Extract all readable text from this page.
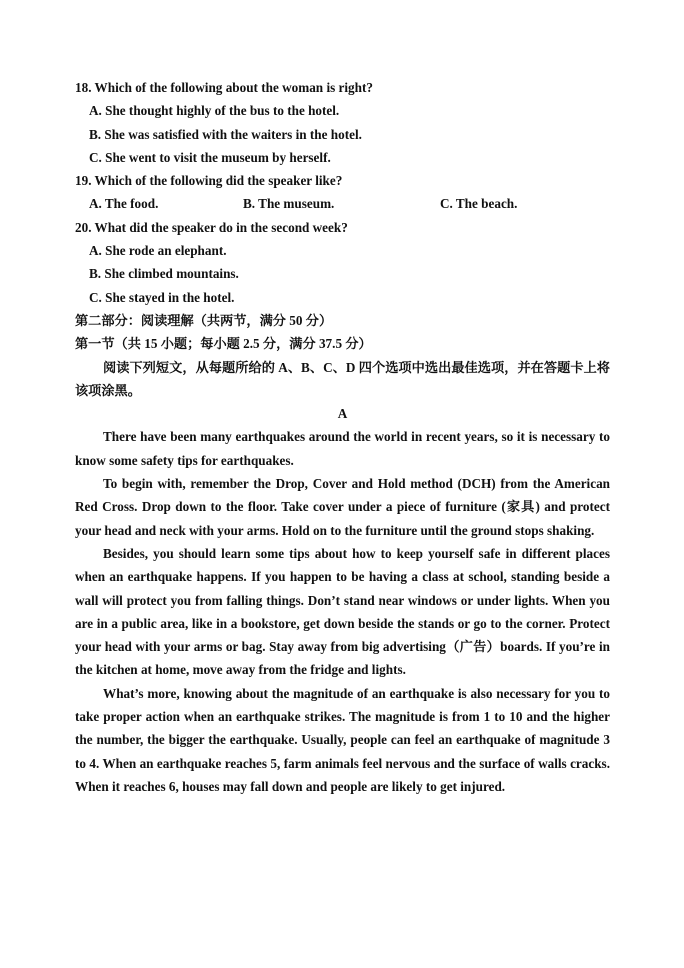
18. Which of the following about the woman is right?
A. She thought highly of the bus to the hotel.
B. She was satisfied with the waiters in the hotel.
C. She went to visit the museum by herself.
19. Which of the following did the speaker like?
A. The food.	B. The museum.	C. The beach.
20. What did the speaker do in the second week?
A. She rode an elephant.
B. She climbed mountains.
C. She stayed in the hotel.
第二部分：阅读理解（共两节，满分 50 分）
第一节（共 15 小题；每小题 2.5 分，满分 37.5 分）
阅读下列短文，从每题所给的 A、B、C、D 四个选项中选出最佳选项，并在答题卡上将该项涂黑。
A

There have been many earthquakes around the world in recent years, so it is necessary to know some safety tips for earthquakes.

To begin with, remember the Drop, Cover and Hold method (DCH) from the American Red Cross. Drop down to the floor. Take cover under a piece of furniture (家具) and protect your head and neck with your arms. Hold on to the furniture until the ground stops shaking.

Besides, you should learn some tips about how to keep yourself safe in different places when an earthquake happens. If you happen to be having a class at school, standing beside a wall will protect you from falling things. Don’t stand near windows or under lights. When you are in a public area, like in a bookstore, get down beside the stands or go to the corner. Protect your head with your arms or bag. Stay away from big advertising（广告）boards. If you’re in the kitchen at home, move away from the fridge and lights.

What’s more, knowing about the magnitude of an earthquake is also necessary for you to take proper action when an earthquake strikes. The magnitude is from 1 to 10 and the higher the number, the bigger the earthquake. Usually, people can feel an earthquake of magnitude 3 to 4. When an earthquake reaches 5, farm animals feel nervous and the surface of walls cracks. When it reaches 6, houses may fall down and people are likely to get injured.
